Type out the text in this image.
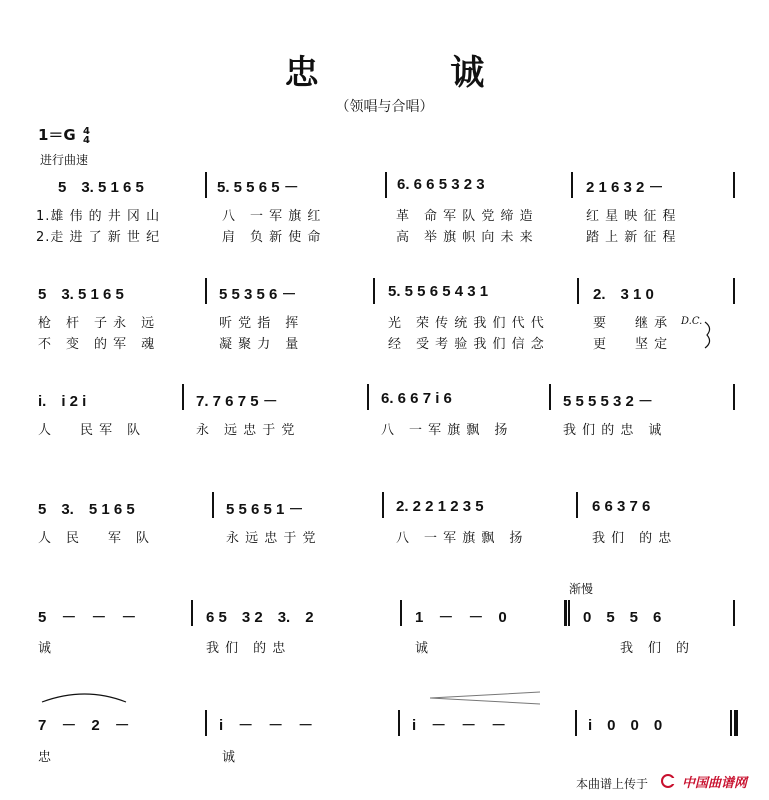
忠 诚
（领唱与合唱）
1＝G 4
4
进行曲速
5　3. 5 1 6 5	5. 5 5 6 5 －	6. 6 6 5 3 2 3	2 1 6 3 2 －
1.雄 伟 的 井 冈 山	八　一 军 旗 红	革　命 军 队 党 缔 造	红 星 映 征 程
2.走 进 了 新 世 纪	肩　负 新 使 命	高　举 旗 帜 向 未 来	踏 上 新 征 程
5　3. 5 1 6 5	5 5 3 5 6 －	5. 5 5 6 5 4 3 1	2.　3 1 0
枪　杆　子 永　远	听 党 指　挥	光　荣 传 统 我 们 代 代	要　　继 承 D.C.
不　变　的 军　魂	凝 聚 力　量	经　受 考 验 我 们 信 念	更　　坚 定
i.　i 2 i	7. 7 6 7 5 －	6. 6 6 7 i 6	5 5 5 5 3 2 －
人　　民 军　队	永　远 忠 于 党	八　一 军 旗 飘　扬	我 们 的 忠　诚
5　3.　5 1 6 5	5 5 6 5 1 －	2. 2 2 1 2 3 5	6 6 3 7 6
人　民　　军　队	永 远 忠 于 党	八　一 军 旗 飘　扬	我 们　的 忠
渐慢
5　－　－　－	6 5　3 2　3.　2	1　－　－　0	0　5　5　6
诚	我 们　的 忠	诚	我　们　的
7　－　2　－	i　－　－　－	i　－　－　－	i　0　0　0
忠	诚
本曲谱上传于	中国曲谱网
